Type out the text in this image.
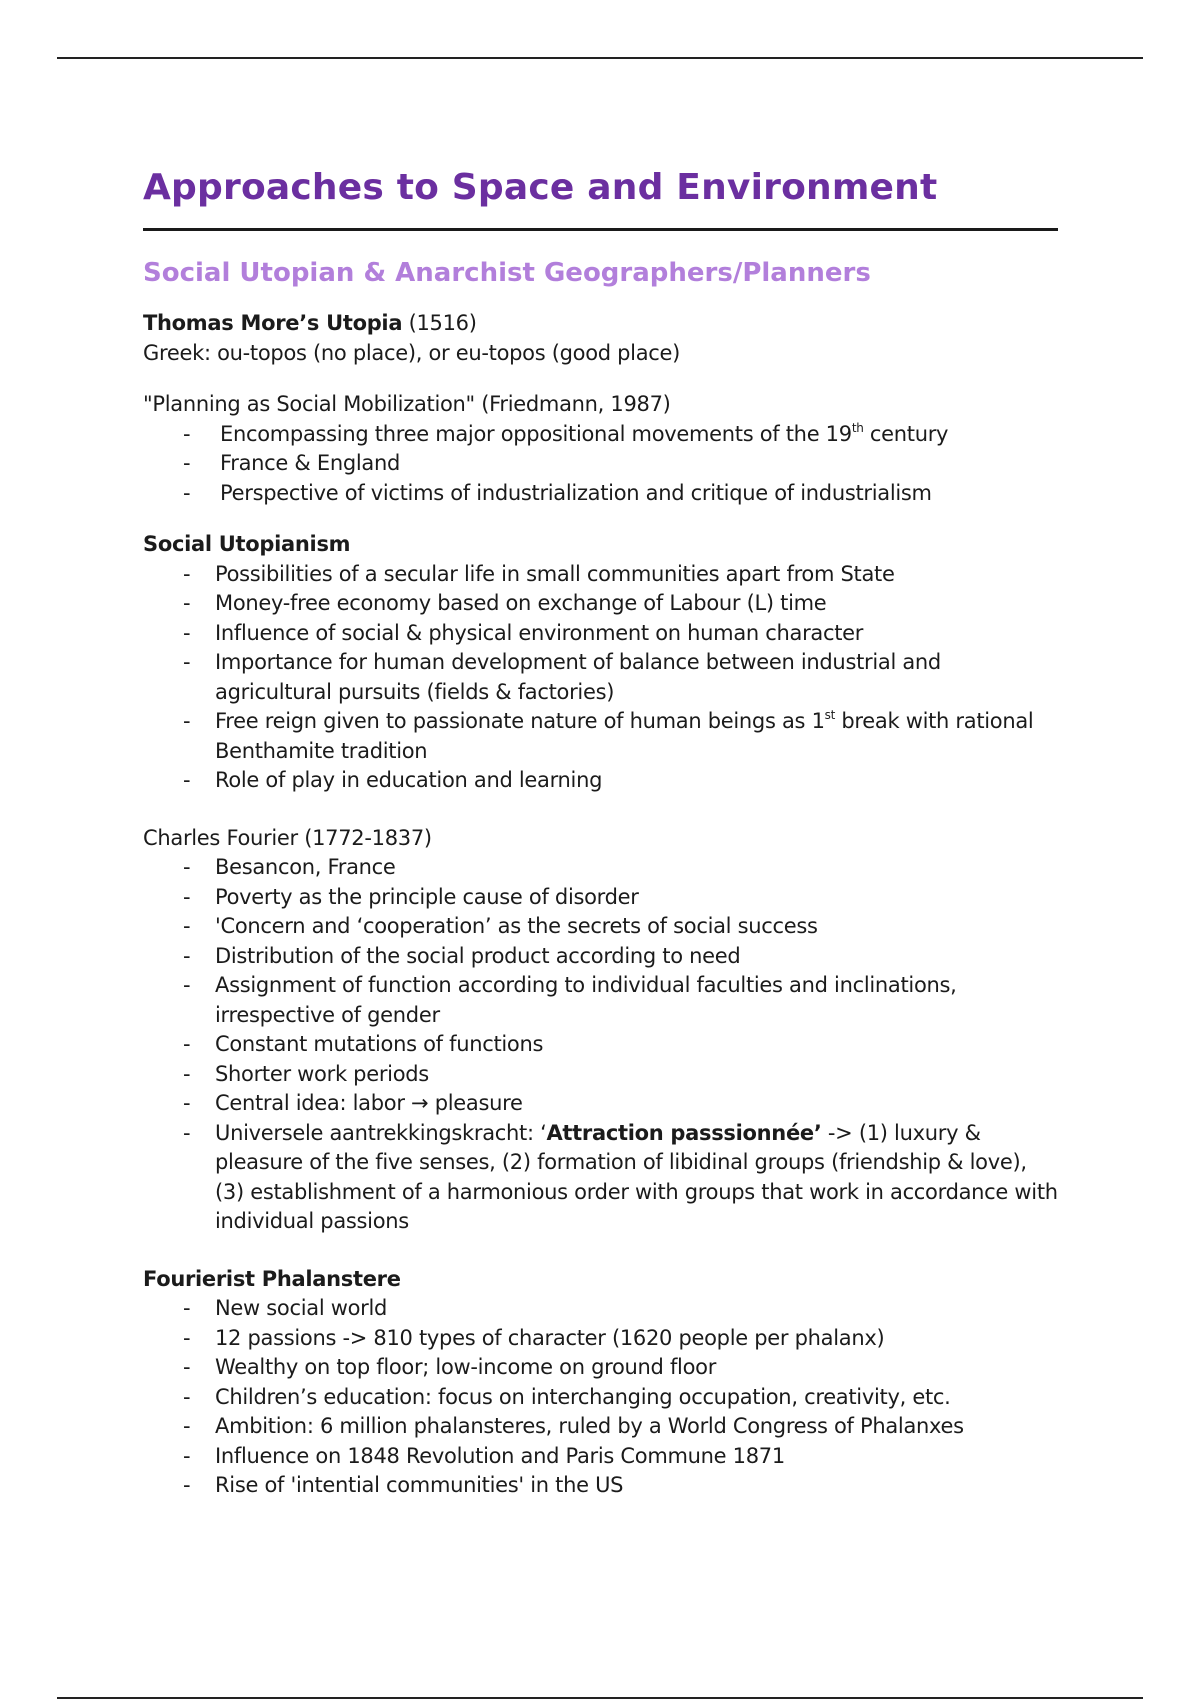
Approaches to Space and Environment
Social Utopian & Anarchist Geographers/Planners

Thomas More’s Utopia (1516)

Greek: ou-topos (no place), or eu-topos (good place)

"Planning as Social Mobilization" (Friedmann, 1987)

- Encompassing three major oppositional movements of the 19th century
- France & England
- Perspective of victims of industrialization and critique of industrialism

Social Utopianism

- Possibilities of a secular life in small communities apart from State
- Money-free economy based on exchange of Labour (L) time
- Influence of social & physical environment on human character
- Importance for human development of balance between industrial and agricultural pursuits (fields & factories)
- Free reign given to passionate nature of human beings as 1st break with rational Benthamite tradition
- Role of play in education and learning

Charles Fourier (1772-1837)

- Besancon, France
- Poverty as the principle cause of disorder
- 'Concern and ‘cooperation’ as the secrets of social success
- Distribution of the social product according to need
- Assignment of function according to individual faculties and inclinations, irrespective of gender
- Constant mutations of functions
- Shorter work periods
- Central idea: labor → pleasure
- Universele aantrekkingskracht: ‘Attraction passsionnée’ -> (1) luxury & pleasure of the five senses, (2) formation of libidinal groups (friendship & love), (3) establishment of a harmonious order with groups that work in accordance with individual passions

Fourierist Phalanstere

- New social world
- 12 passions -> 810 types of character (1620 people per phalanx)
- Wealthy on top floor; low-income on ground floor
- Children’s education: focus on interchanging occupation, creativity, etc.
- Ambition: 6 million phalansteres, ruled by a World Congress of Phalanxes
- Influence on 1848 Revolution and Paris Commune 1871
- Rise of 'intential communities' in the US
